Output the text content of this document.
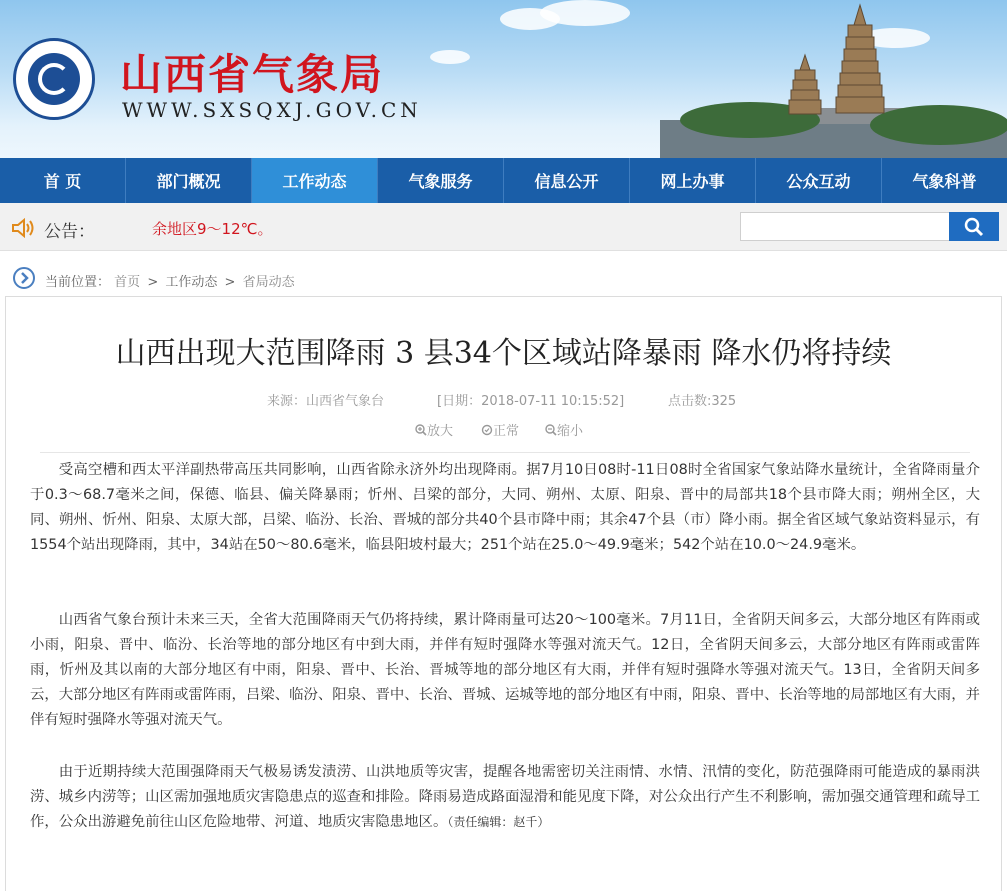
山西省气象局
WWW.SXSQXJ.GOV.CN
首 页	部门概况	工作动态	气象服务	信息公开	网上办事	公众互动	气象科普
公告：	余地区9～12℃。
当前位置： 首页 > 工作动态 > 省局动态
山西出现大范围降雨 3 县34个区域站降暴雨 降水仍将持续
来源：山西省气象台	[日期：2018-07-11 10:15:52]	点击数:325
放大	正常	缩小

受高空槽和西太平洋副热带高压共同影响，山西省除永济外均出现降雨。据7月10日08时-11日08时全省国家气象站降水量统计，全省降雨量介于0.3～68.7毫米之间，保德、临县、偏关降暴雨；忻州、吕梁的部分，大同、朔州、太原、阳泉、晋中的局部共18个县市降大雨；朔州全区，大同、朔州、忻州、阳泉、太原大部，吕梁、临汾、长治、晋城的部分共40个县市降中雨；其余47个县（市）降小雨。据全省区域气象站资料显示，有1554个站出现降雨，其中，34站在50～80.6毫米，临县阳坡村最大；251个站在25.0～49.9毫米；542个站在10.0～24.9毫米。

山西省气象台预计未来三天，全省大范围降雨天气仍将持续，累计降雨量可达20～100毫米。7月11日，全省阴天间多云，大部分地区有阵雨或小雨，阳泉、晋中、临汾、长治等地的部分地区有中到大雨，并伴有短时强降水等强对流天气。12日，全省阴天间多云，大部分地区有阵雨或雷阵雨，忻州及其以南的大部分地区有中雨，阳泉、晋中、长治、晋城等地的部分地区有大雨，并伴有短时强降水等强对流天气。13日，全省阴天间多云，大部分地区有阵雨或雷阵雨，吕梁、临汾、阳泉、晋中、长治、晋城、运城等地的部分地区有中雨，阳泉、晋中、长治等地的局部地区有大雨，并伴有短时强降水等强对流天气。

由于近期持续大范围强降雨天气极易诱发渍涝、山洪地质等灾害，提醒各地需密切关注雨情、水情、汛情的变化，防范强降雨可能造成的暴雨洪涝、城乡内涝等；山区需加强地质灾害隐患点的巡查和排险。降雨易造成路面湿滑和能见度下降，对公众出行产生不利影响，需加强交通管理和疏导工作，公众出游避免前往山区危险地带、河道、地质灾害隐患地区。（责任编辑：赵千）
